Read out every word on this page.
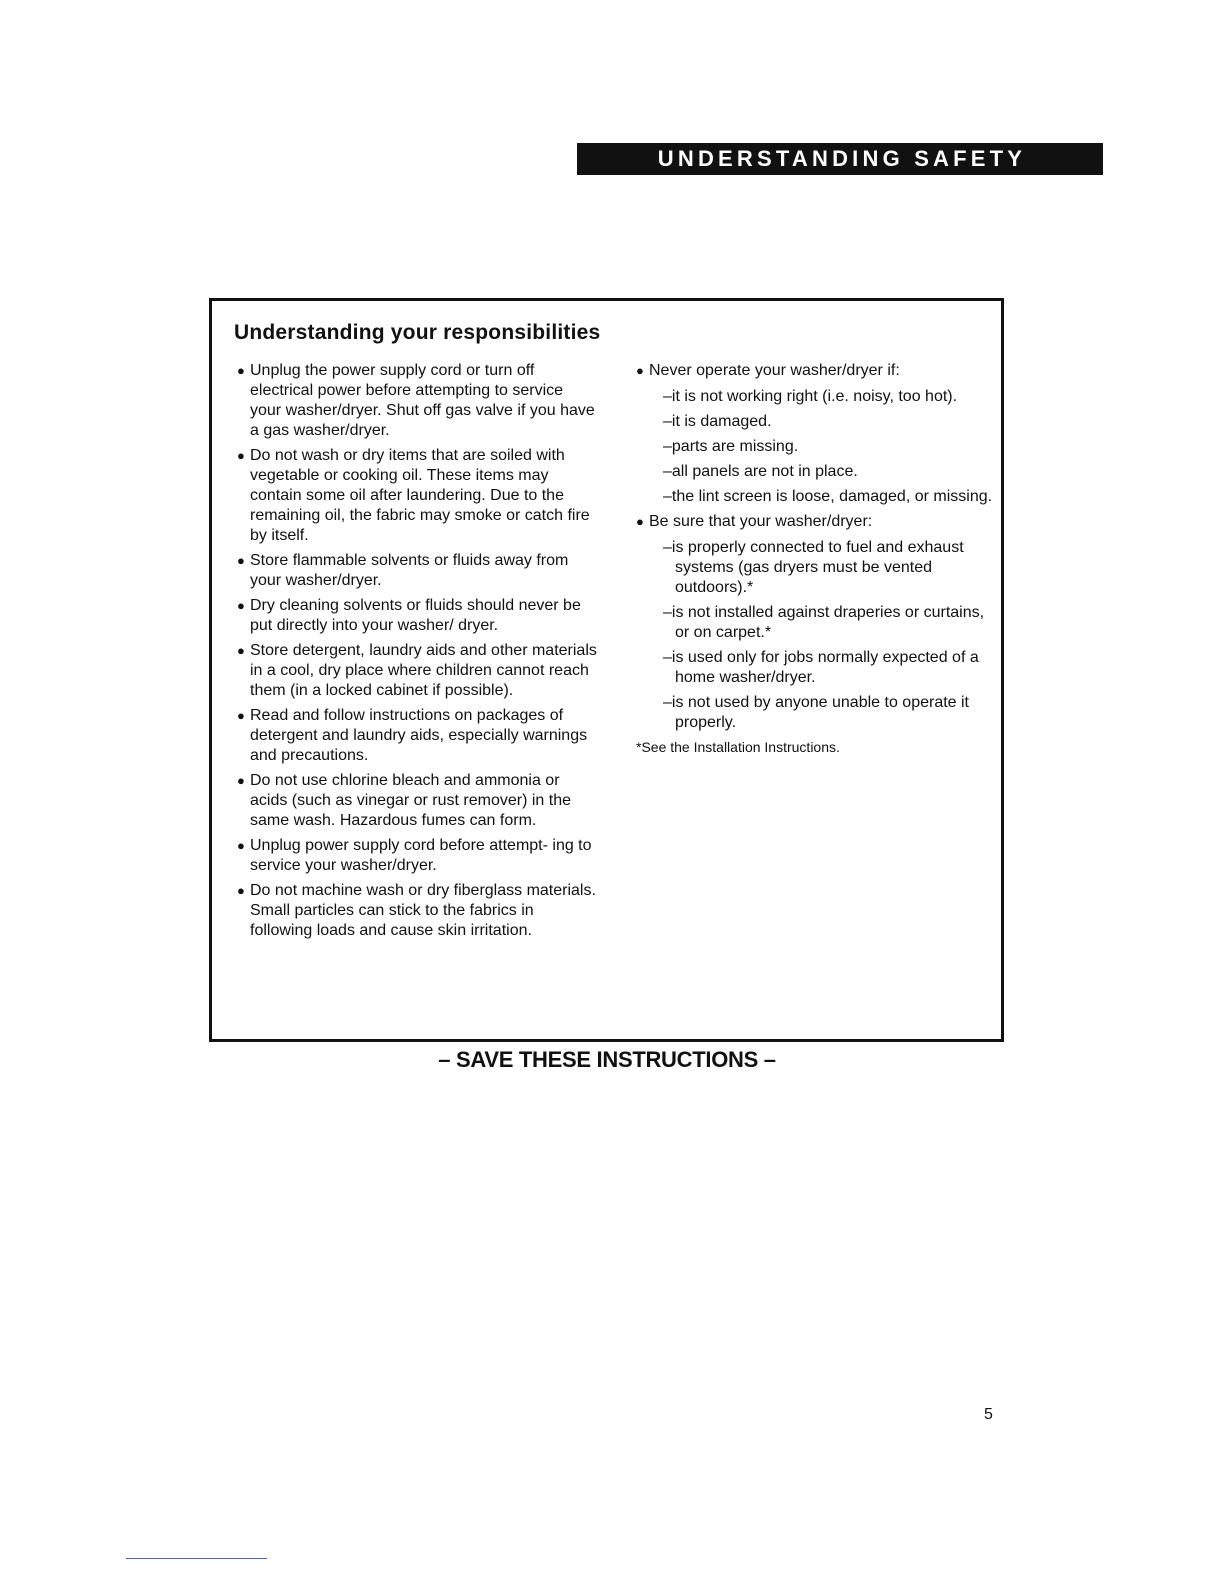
UNDERSTANDING SAFETY
Understanding your responsibilities
● Unplug the power supply cord or turn off electrical power before attempting to service your washer/dryer. Shut off gas valve if you have a gas washer/dryer.
● Do not wash or dry items that are soiled with vegetable or cooking oil. These items may contain some oil after laundering. Due to the remaining oil, the fabric may smoke or catch fire by itself.
● Store flammable solvents or fluids away from your washer/dryer.
● Dry cleaning solvents or fluids should never be put directly into your washer/ dryer.
● Store detergent, laundry aids and other materials in a cool, dry place where children cannot reach them (in a locked cabinet if possible).
● Read and follow instructions on packages of detergent and laundry aids, especially warnings and precautions.
● Do not use chlorine bleach and ammonia or acids (such as vinegar or rust remover) in the same wash. Hazardous fumes can form.
● Unplug power supply cord before attempt- ing to service your washer/dryer.
● Do not machine wash or dry fiberglass materials. Small particles can stick to the fabrics in following loads and cause skin irritation.
● Never operate your washer/dryer if:
–it is not working right (i.e. noisy, too hot).
–it is damaged.
–parts are missing.
–all panels are not in place.
–the lint screen is loose, damaged, or missing.
● Be sure that your washer/dryer:
–is properly connected to fuel and exhaust systems (gas dryers must be vented outdoors).*
–is not installed against draperies or curtains, or on carpet.*
–is used only for jobs normally expected of a home washer/dryer.
–is not used by anyone unable to operate it properly.
*See the Installation Instructions.
– SAVE THESE INSTRUCTIONS –
5
